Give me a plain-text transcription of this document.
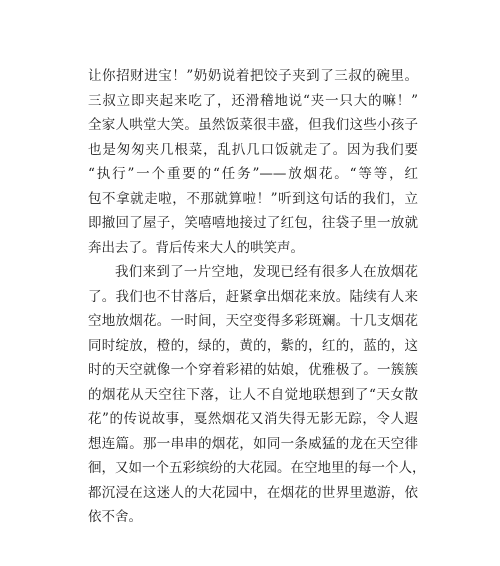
让你招财进宝！”奶奶说着把饺子夹到了三叔的碗里。
三叔立即夹起来吃了，还滑稽地说“夹一只大的嘛！”
全家人哄堂大笑。虽然饭菜很丰盛，但我们这些小孩子
也是匆匆夹几根菜，乱扒几口饭就走了。因为我们要
“执行”一个重要的“任务”——放烟花。“等等，红
包不拿就走啦，不那就算啦！”听到这句话的我们，立
即撤回了屋子，笑嘻嘻地接过了红包，往袋子里一放就
奔出去了。背后传来大人的哄笑声。
我们来到了一片空地，发现已经有很多人在放烟花
了。我们也不甘落后，赶紧拿出烟花来放。陆续有人来
空地放烟花。一时间，天空变得多彩斑斓。十几支烟花
同时绽放，橙的，绿的，黄的，紫的，红的，蓝的，这
时的天空就像一个穿着彩裙的姑娘，优雅极了。一簇簇
的烟花从天空往下落，让人不自觉地联想到了“天女散
花”的传说故事，戛然烟花又消失得无影无踪，令人遐
想连篇。那一串串的烟花，如同一条威猛的龙在天空徘
徊，又如一个五彩缤纷的大花园。在空地里的每一个人，
都沉浸在这迷人的大花园中，在烟花的世界里遨游，依
依不舍。
